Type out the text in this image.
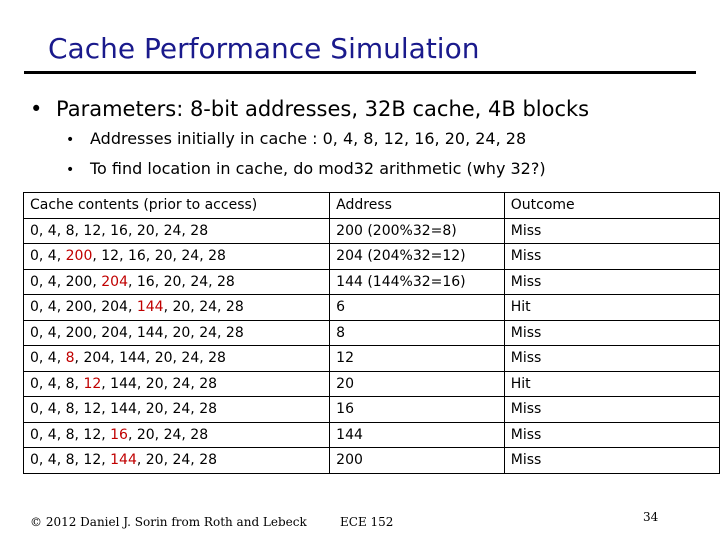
Cache Performance Simulation
• Parameters: 8-bit addresses, 32B cache, 4B blocks
• Addresses initially in cache : 0, 4, 8, 12, 16, 20, 24, 28
• To find location in cache, do mod32 arithmetic (why 32?)
Cache contents (prior to access)	Address	Outcome
0, 4, 8, 12, 16, 20, 24, 28	200 (200%32=8)	Miss
0, 4, 200, 12, 16, 20, 24, 28	204 (204%32=12)	Miss
0, 4, 200, 204, 16, 20, 24, 28	144 (144%32=16)	Miss
0, 4, 200, 204, 144, 20, 24, 28	6	Hit
0, 4, 200, 204, 144, 20, 24, 28	8	Miss
0, 4, 8, 204, 144, 20, 24, 28	12	Miss
0, 4, 8, 12, 144, 20, 24, 28	20	Hit
0, 4, 8, 12, 144, 20, 24, 28	16	Miss
0, 4, 8, 12, 16, 20, 24, 28	144	Miss
0, 4, 8, 12, 144, 20, 24, 28	200	Miss
© 2012 Daniel J. Sorin from Roth and Lebeck	ECE 152	34
